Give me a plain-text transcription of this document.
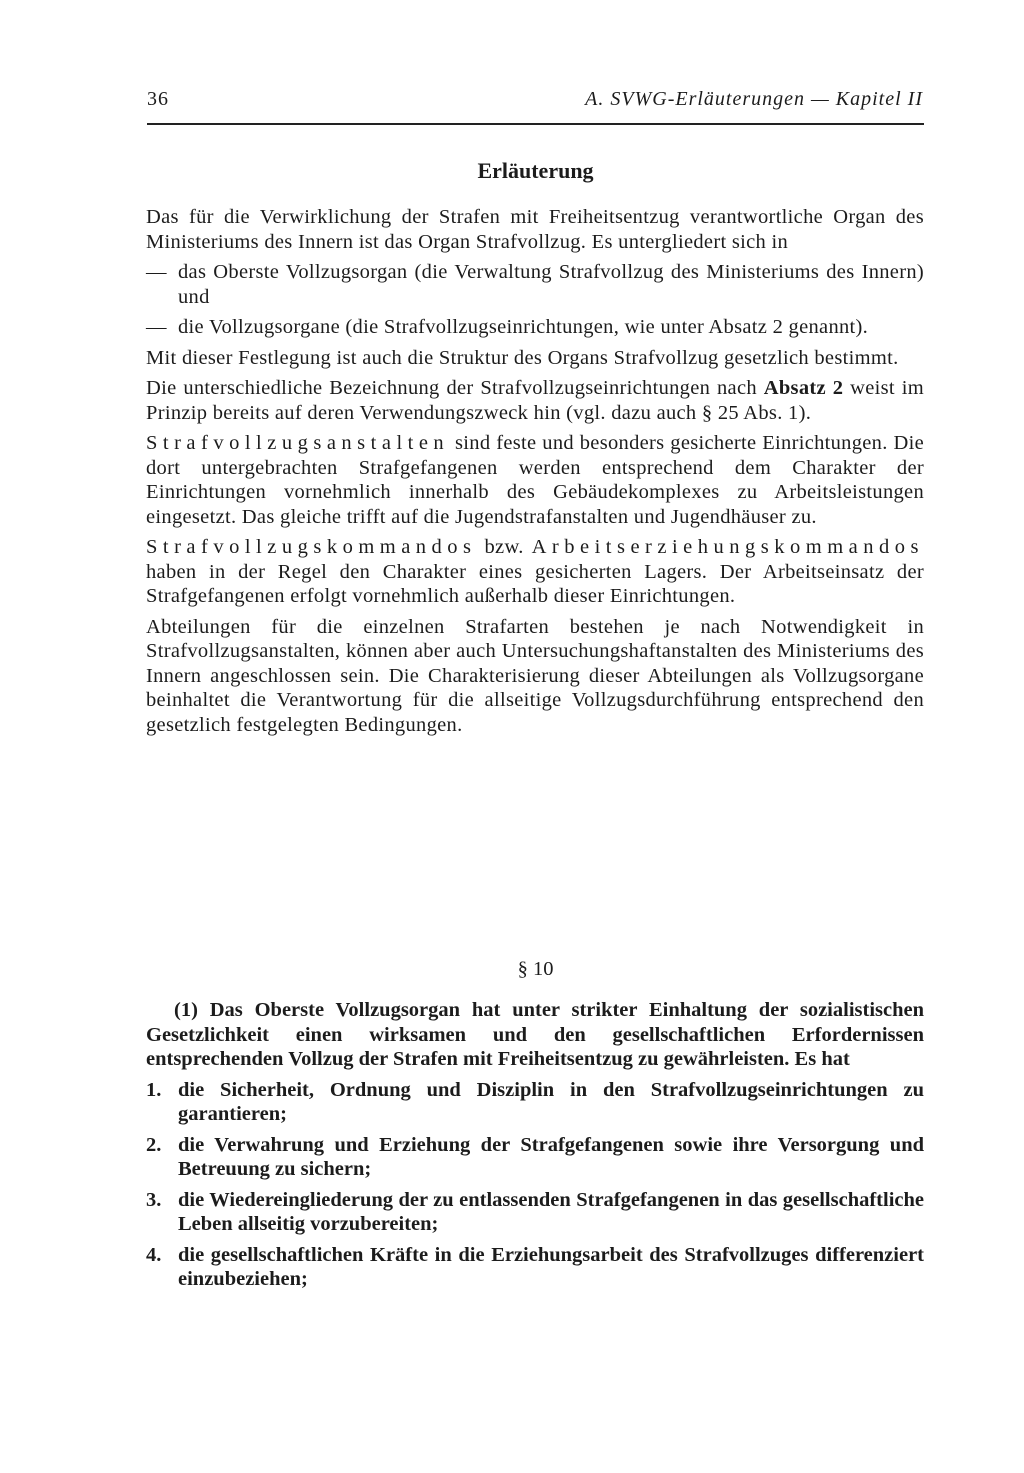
36	A. SVWG-Erläuterungen — Kapitel II
Erläuterung

Das für die Verwirklichung der Strafen mit Freiheitsentzug verantwortliche Organ des Ministeriums des Innern ist das Organ Strafvollzug. Es untergliedert sich in

— das Oberste Vollzugsorgan (die Verwaltung Strafvollzug des Ministeriums des Innern) und
— die Vollzugsorgane (die Strafvollzugseinrichtungen, wie unter Absatz 2 genannt).

Mit dieser Festlegung ist auch die Struktur des Organs Strafvollzug gesetzlich bestimmt.

Die unterschiedliche Bezeichnung der Strafvollzugseinrichtungen nach Absatz 2 weist im Prinzip bereits auf deren Verwendungszweck hin (vgl. dazu auch § 25 Abs. 1).

Strafvollzugsanstalten sind feste und besonders gesicherte Einrichtungen. Die dort untergebrachten Strafgefangenen werden entsprechend dem Charakter der Einrichtungen vornehmlich innerhalb des Gebäudekomplexes zu Arbeitsleistungen eingesetzt. Das gleiche trifft auf die Jugendstrafanstalten und Jugendhäuser zu.

Strafvollzugskommandos bzw. Arbeitserziehungskommandos haben in der Regel den Charakter eines gesicherten Lagers. Der Arbeitseinsatz der Strafgefangenen erfolgt vornehmlich außerhalb dieser Einrichtungen.

Abteilungen für die einzelnen Strafarten bestehen je nach Notwendigkeit in Strafvollzugsanstalten, können aber auch Untersuchungshaftanstalten des Ministeriums des Innern angeschlossen sein. Die Charakterisierung dieser Abteilungen als Vollzugsorgane beinhaltet die Verantwortung für die allseitige Vollzugsdurchführung entsprechend den gesetzlich festgelegten Bedingungen.

§ 10

(1) Das Oberste Vollzugsorgan hat unter strikter Einhaltung der sozialistischen Gesetzlichkeit einen wirksamen und den gesellschaftlichen Erfordernissen entsprechenden Vollzug der Strafen mit Freiheitsentzug zu gewährleisten. Es hat

1. die Sicherheit, Ordnung und Disziplin in den Strafvollzugseinrichtungen zu garantieren;
2. die Verwahrung und Erziehung der Strafgefangenen sowie ihre Versorgung und Betreuung zu sichern;
3. die Wiedereingliederung der zu entlassenden Strafgefangenen in das gesellschaftliche Leben allseitig vorzubereiten;
4. die gesellschaftlichen Kräfte in die Erziehungsarbeit des Strafvollzuges differenziert einzubeziehen;
